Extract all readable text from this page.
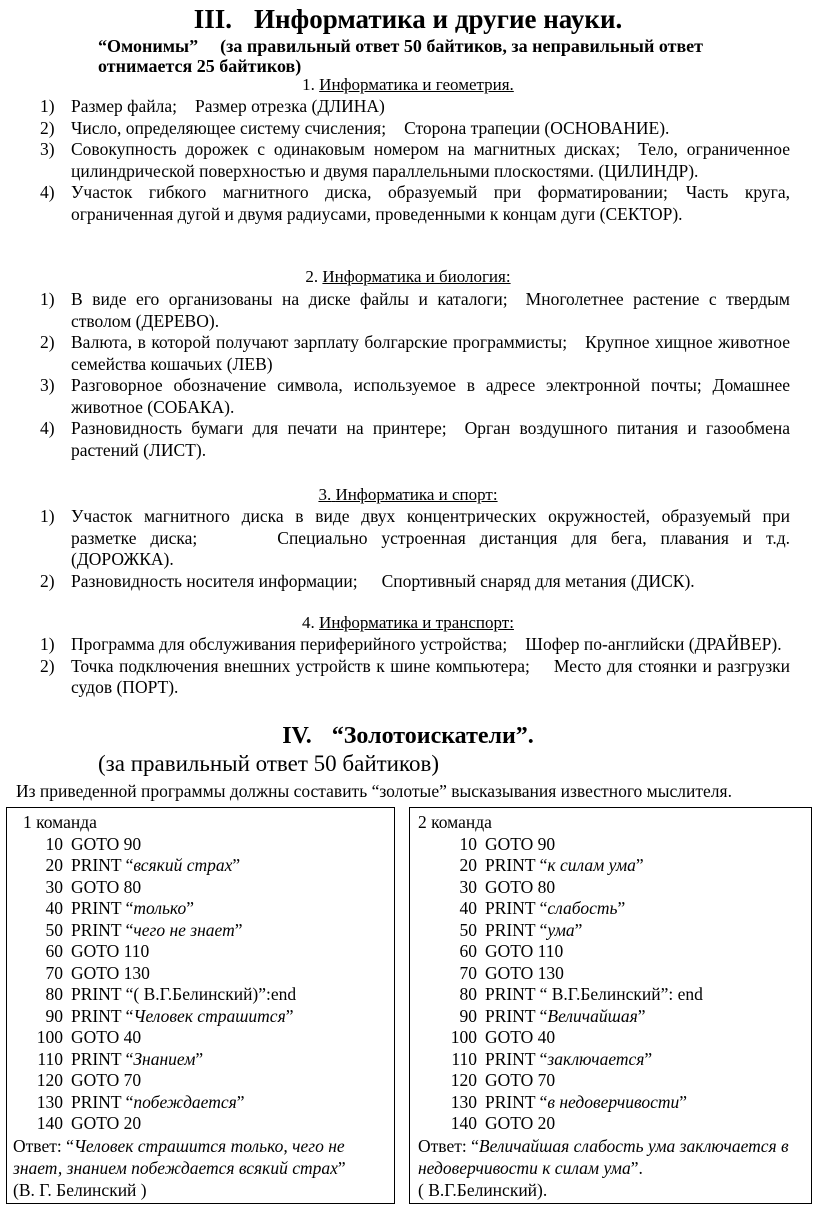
III. Информатика и другие науки.
“Омонимы” (за правильный ответ 50 байтиков, за неправильный ответ отнимается 25 байтиков)
1. Информатика и геометрия.
1) Размер файла; Размер отрезка (ДЛИНА)
2) Число, определяющее систему счисления; Сторона трапеции (ОСНОВАНИЕ).
3) Совокупность дорожек с одинаковым номером на магнитных дисках; Тело, ограниченное цилиндрической поверхностью и двумя параллельными плоскостями. (ЦИЛИНДР).
4) Участок гибкого магнитного диска, образуемый при форматировании; Часть круга, ограниченная дугой и двумя радиусами, проведенными к концам дуги (СЕКТОР).
2. Информатика и биология:
1) В виде его организованы на диске файлы и каталоги; Многолетнее растение с твердым стволом (ДЕРЕВО).
2) Валюта, в которой получают зарплату болгарские программисты; Крупное хищное животное семейства кошачьих (ЛЕВ)
3) Разговорное обозначение символа, используемое в адресе электронной почты; Домашнее животное (СОБАКА).
4) Разновидность бумаги для печати на принтере; Орган воздушного питания и газообмена растений (ЛИСТ).
3. Информатика и спорт:
1) Участок магнитного диска в виде двух концентрических окружностей, образуемый при разметке диска;	Специально устроенная дистанция для бега, плавания и т.д. (ДОРОЖКА).
2) Разновидность носителя информации; Спортивный снаряд для метания (ДИСК).
4. Информатика и транспорт:
1) Программа для обслуживания периферийного устройства; Шофер по-английски (ДРАЙВЕР).
2) Точка подключения внешних устройств к шине компьютера; Место для стоянки и разгрузки судов (ПОРТ).
IV. “Золотоискатели”.
(за правильный ответ 50 байтиков)
Из приведенной программы должны составить “золотые” высказывания известного мыслителя.
1 команда
10 GOTO 90
20 PRINT “всякий страх”
30 GOTO 80
40 PRINT “только”
50 PRINT “чего не знает”
60 GOTO 110
70 GOTO 130
80 PRINT “( В.Г.Белинский)”:end
90 PRINT “Человек страшится”
100 GOTO 40
110 PRINT “Знанием”
120 GOTO 70
130 PRINT “побеждается”
140 GOTO 20
Ответ: “Человек страшится только, чего не знает, знанием побеждается всякий страх”
(В. Г. Белинский )
2 команда
10 GOTO 90
20 PRINT “к силам ума”
30 GOTO 80
40 PRINT “слабость”
50 PRINT “ума”
60 GOTO 110
70 GOTO 130
80 PRINT “ В.Г.Белинский”: end
90 PRINT “Величайшая”
100 GOTO 40
110 PRINT “заключается”
120 GOTO 70
130 PRINT “в недоверчивости”
140 GOTO 20
Ответ: “Величайшая слабость ума заключается в недоверчивости к силам ума”.
( В.Г.Белинский).
